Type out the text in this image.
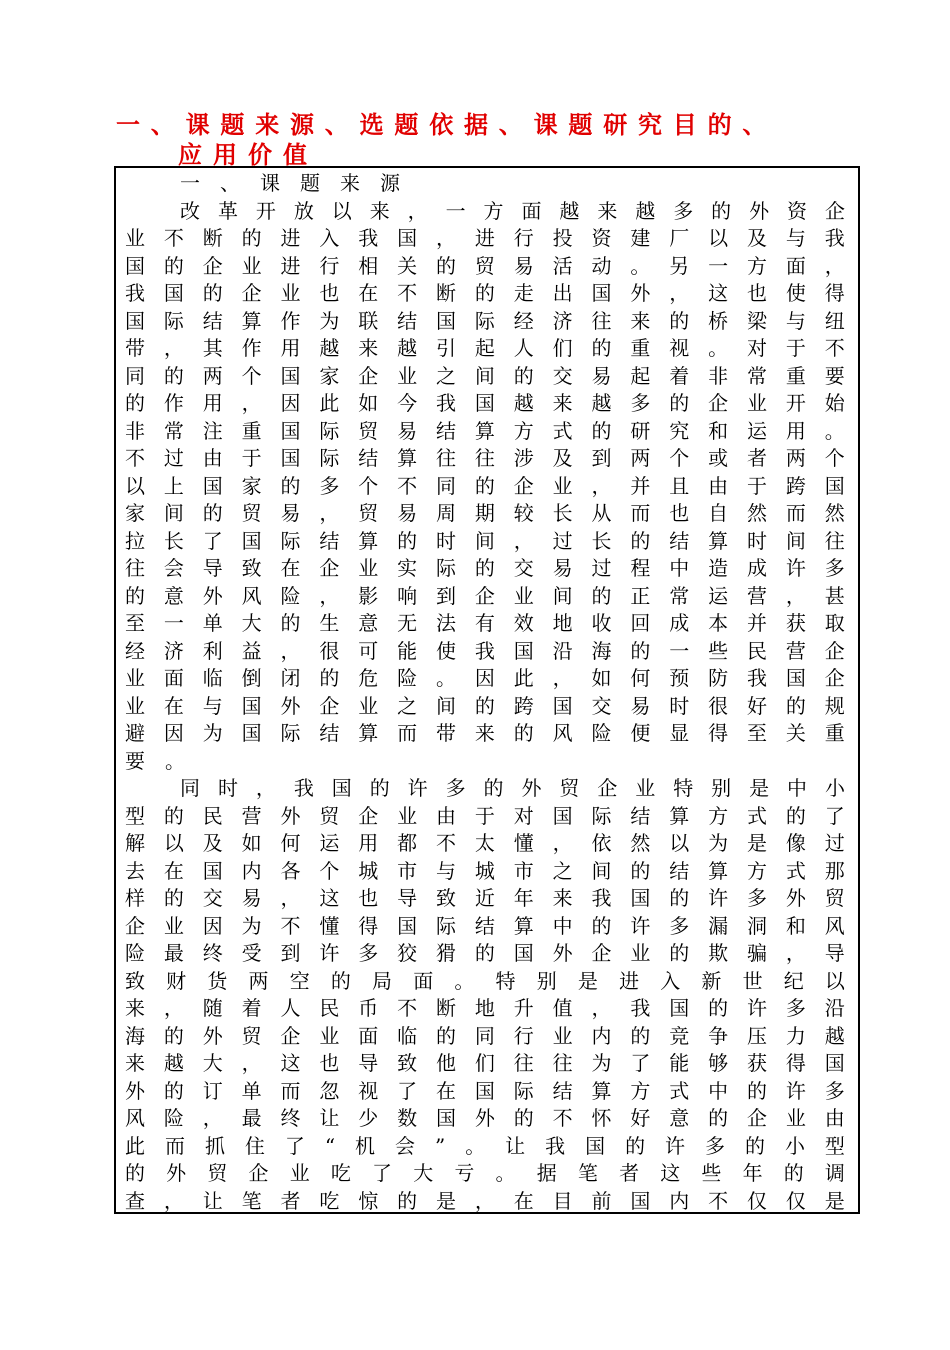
一、课题来源、选题依据、课题研究目的、
应用价值
一、课题来源
改 革 开 放 以 来 ， 一 方 面 越 来 越 多 的 外 资 企
业 不 断 的 进 入 我 国 ， 进 行 投 资 建 厂 以 及 与 我
国 的 企 业 进 行 相 关 的 贸 易 活 动 。 另 一 方 面 ，
我 国 的 企 业 也 在 不 断 的 走 出 国 外 ， 这 也 使 得
国 际 结 算 作 为 联 结 国 际 经 济 往 来 的 桥 梁 与 纽
带 ， 其 作 用 越 来 越 引 起 人 们 的 重 视 。 对 于 不
同 的 两 个 国 家 企 业 之 间 的 交 易 起 着 非 常 重 要
的 作 用 ， 因 此 如 今 我 国 越 来 越 多 的 企 业 开 始
非 常 注 重 国 际 贸 易 结 算 方 式 的 研 究 和 运 用 。
不 过 由 于 国 际 结 算 往 往 涉 及 到 两 个 或 者 两 个
以 上 国 家 的 多 个 不 同 的 企 业 ， 并 且 由 于 跨 国
家 间 的 贸 易 ， 贸 易 周 期 较 长 从 而 也 自 然 而 然
拉 长 了 国 际 结 算 的 时 间 ， 过 长 的 结 算 时 间 往
往 会 导 致 在 企 业 实 际 的 交 易 过 程 中 造 成 许 多
的 意 外 风 险 ， 影 响 到 企 业 间 的 正 常 运 营 ， 甚
至 一 单 大 的 生 意 无 法 有 效 地 收 回 成 本 并 获 取
经 济 利 益 ， 很 可 能 使 我 国 沿 海 的 一 些 民 营 企
业 面 临 倒 闭 的 危 险 。 因 此 ， 如 何 预 防 我 国 企
业 在 与 国 外 企 业 之 间 的 跨 国 交 易 时 很 好 的 规
避 因 为 国 际 结 算 而 带 来 的 风 险 便 显 得 至 关 重
要 。
同 时 ， 我 国 的 许 多 的 外 贸 企 业 特 别 是 中 小
型 的 民 营 外 贸 企 业 由 于 对 国 际 结 算 方 式 的 了
解 以 及 如 何 运 用 都 不 太 懂 ， 依 然 以 为 是 像 过
去 在 国 内 各 个 城 市 与 城 市 之 间 的 结 算 方 式 那
样 的 交 易 ， 这 也 导 致 近 年 来 我 国 的 许 多 外 贸
企 业 因 为 不 懂 得 国 际 结 算 中 的 许 多 漏 洞 和 风
险 最 终 受 到 许 多 狡 猾 的 国 外 企 业 的 欺 骗 ， 导
致 财 货 两 空 的 局 面 。 特 别 是 进 入 新 世 纪 以
来 ， 随 着 人 民 币 不 断 地 升 值 ， 我 国 的 许 多 沿
海 的 外 贸 企 业 面 临 的 同 行 业 内 的 竞 争 压 力 越
来 越 大 ， 这 也 导 致 他 们 往 往 为 了 能 够 获 得 国
外 的 订 单 而 忽 视 了 在 国 际 结 算 方 式 中 的 许 多
风 险 ， 最 终 让 少 数 国 外 的 不 怀 好 意 的 企 业 由
此 而 抓 住 了 “ 机 会 ” 。 让 我 国 的 许 多 的 小 型
的 外 贸 企 业 吃 了 大 亏 。 据 笔 者 这 些 年 的 调
查 ， 让 笔 者 吃 惊 的 是 ， 在 目 前 国 内 不 仅 仅 是
